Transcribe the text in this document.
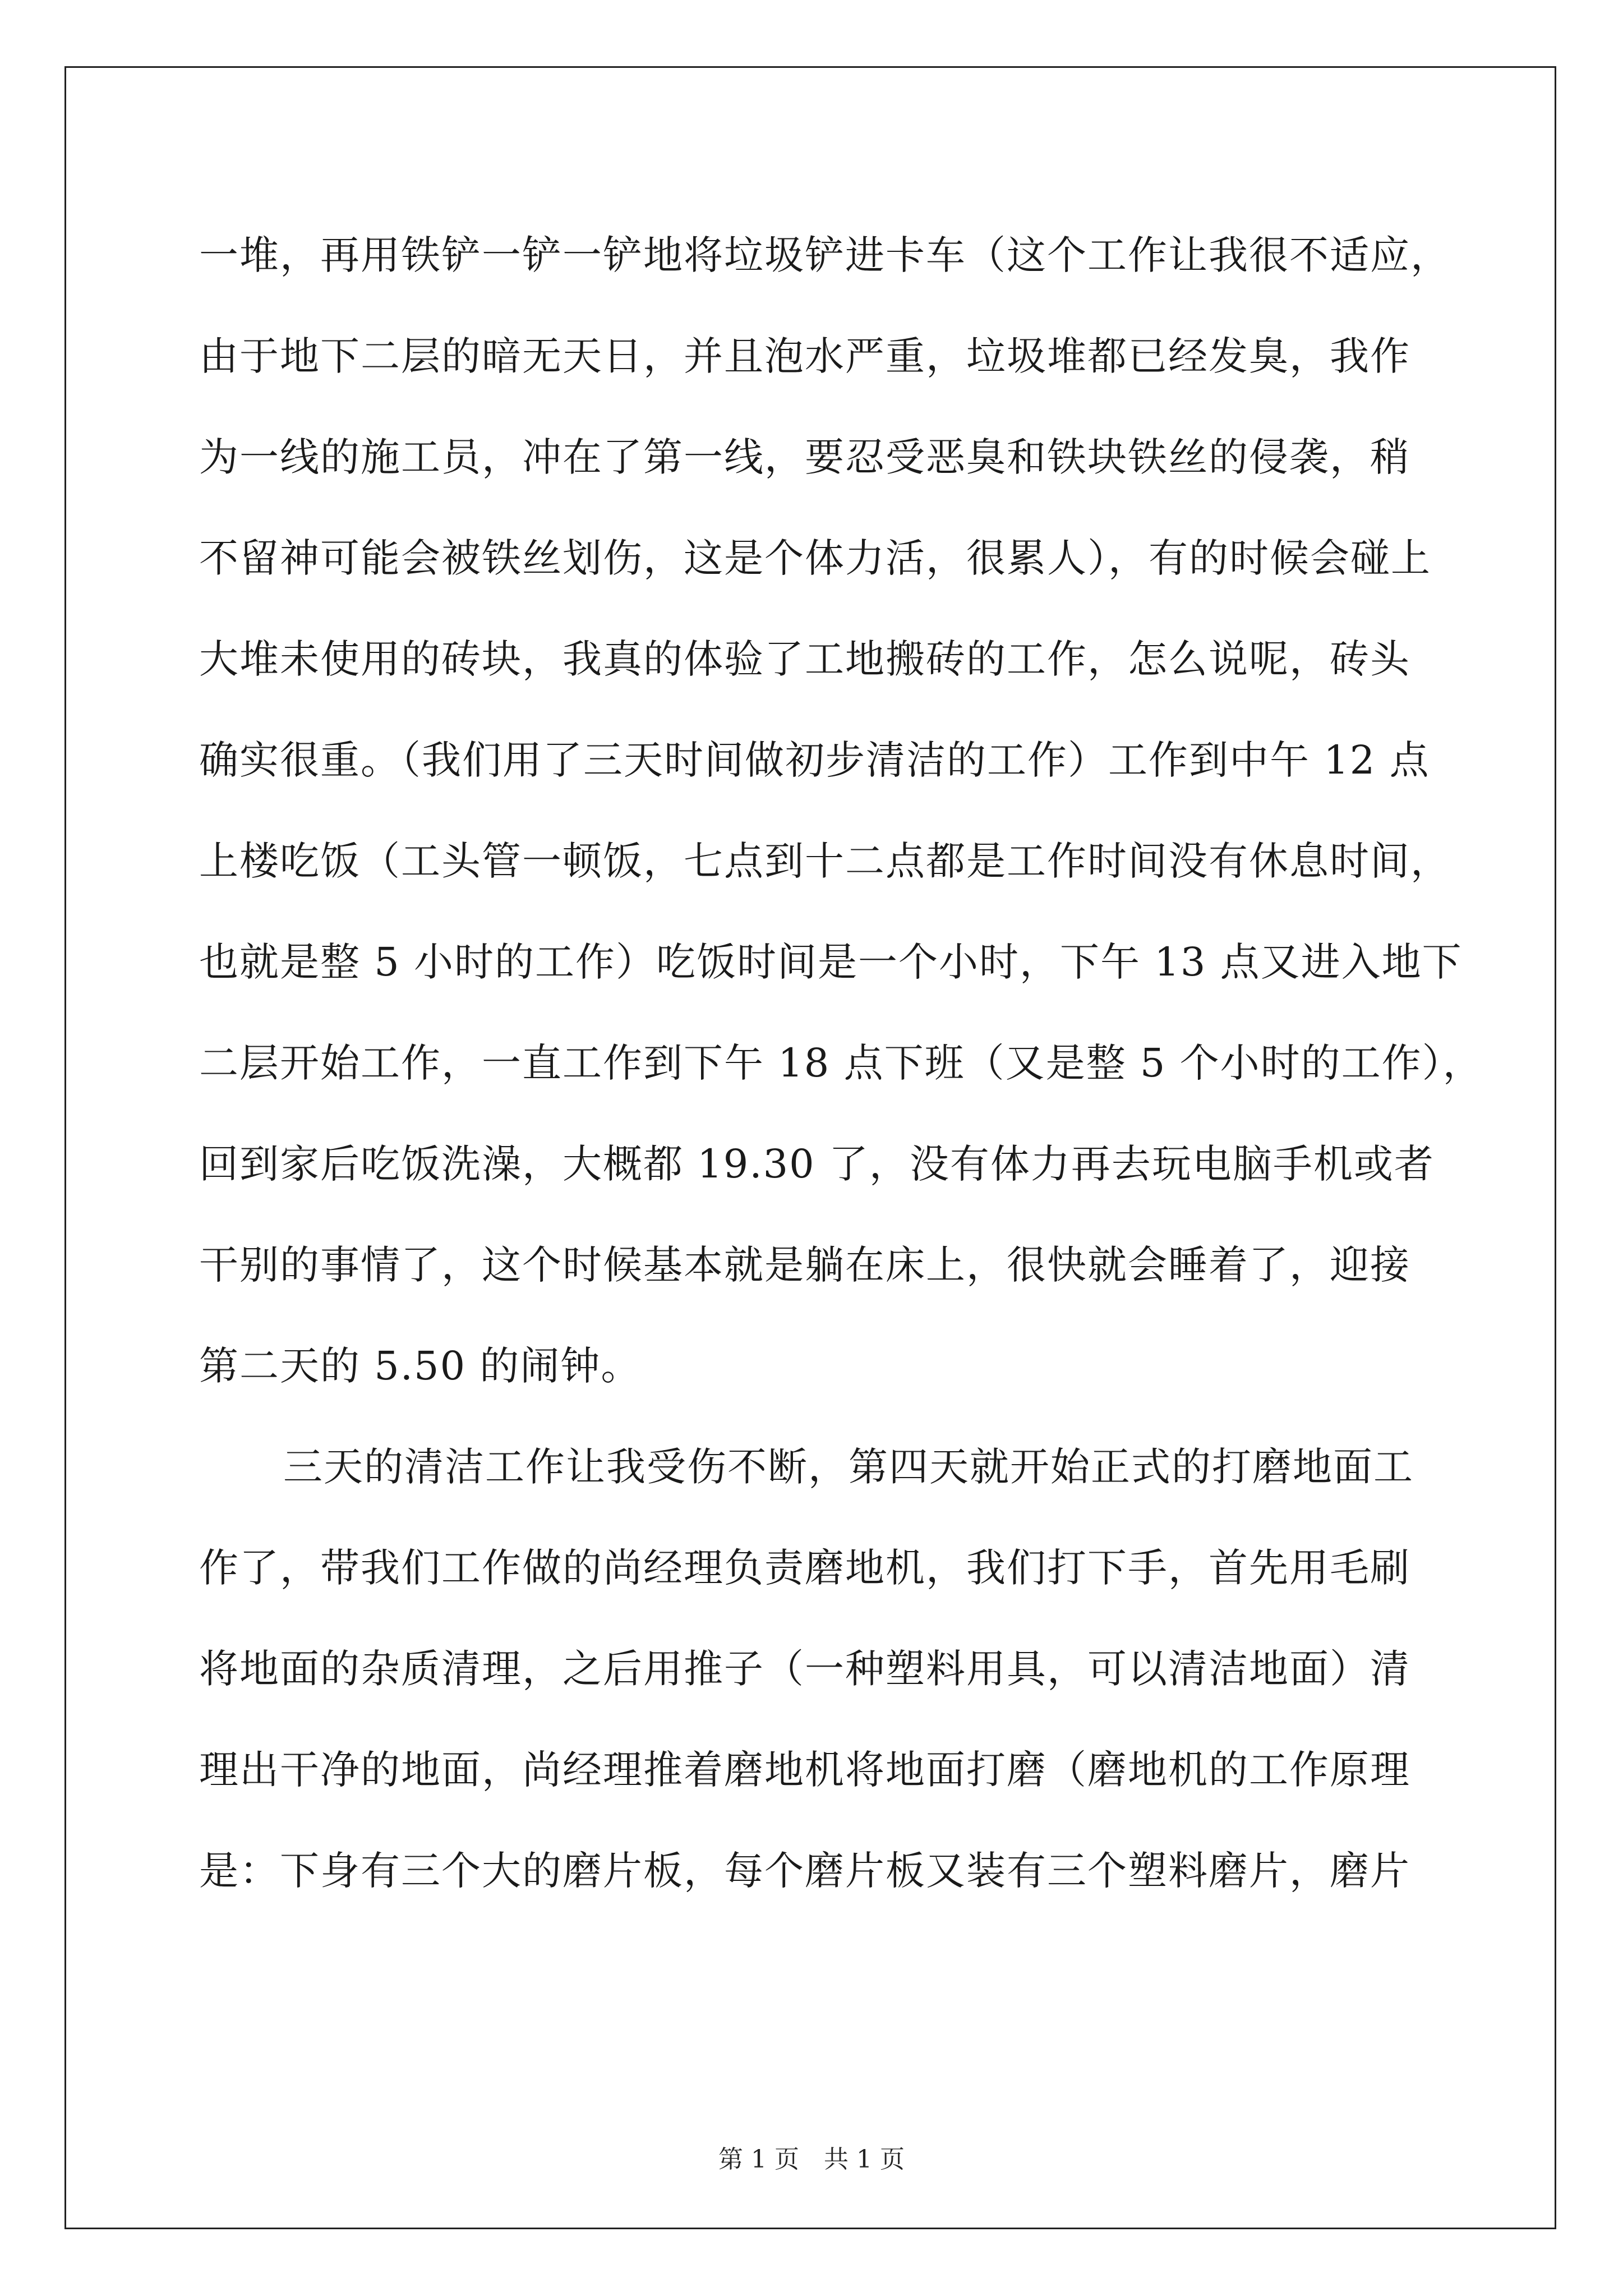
一堆，再用铁铲一铲一铲地将垃圾铲进卡车（这个工作让我很不适应，
由于地下二层的暗无天日，并且泡水严重，垃圾堆都已经发臭，我作
为一线的施工员，冲在了第一线，要忍受恶臭和铁块铁丝的侵袭，稍
不留神可能会被铁丝划伤，这是个体力活，很累人），有的时候会碰上
大堆未使用的砖块，我真的体验了工地搬砖的工作，怎么说呢，砖头
确实很重。（我们用了三天时间做初步清洁的工作）工作到中午 12 点
上楼吃饭（工头管一顿饭，七点到十二点都是工作时间没有休息时间，
也就是整 5 小时的工作）吃饭时间是一个小时，下午 13 点又进入地下
二层开始工作，一直工作到下午 18 点下班（又是整 5 个小时的工作），
回到家后吃饭洗澡，大概都 19.30 了，没有体力再去玩电脑手机或者
干别的事情了，这个时候基本就是躺在床上，很快就会睡着了，迎接
第二天的 5.50 的闹钟。
三天的清洁工作让我受伤不断，第四天就开始正式的打磨地面工
作了，带我们工作做的尚经理负责磨地机，我们打下手，首先用毛刷
将地面的杂质清理，之后用推子（一种塑料用具，可以清洁地面）清
理出干净的地面，尚经理推着磨地机将地面打磨（磨地机的工作原理
是：下身有三个大的磨片板，每个磨片板又装有三个塑料磨片，磨片
第 1 页　共 1 页
